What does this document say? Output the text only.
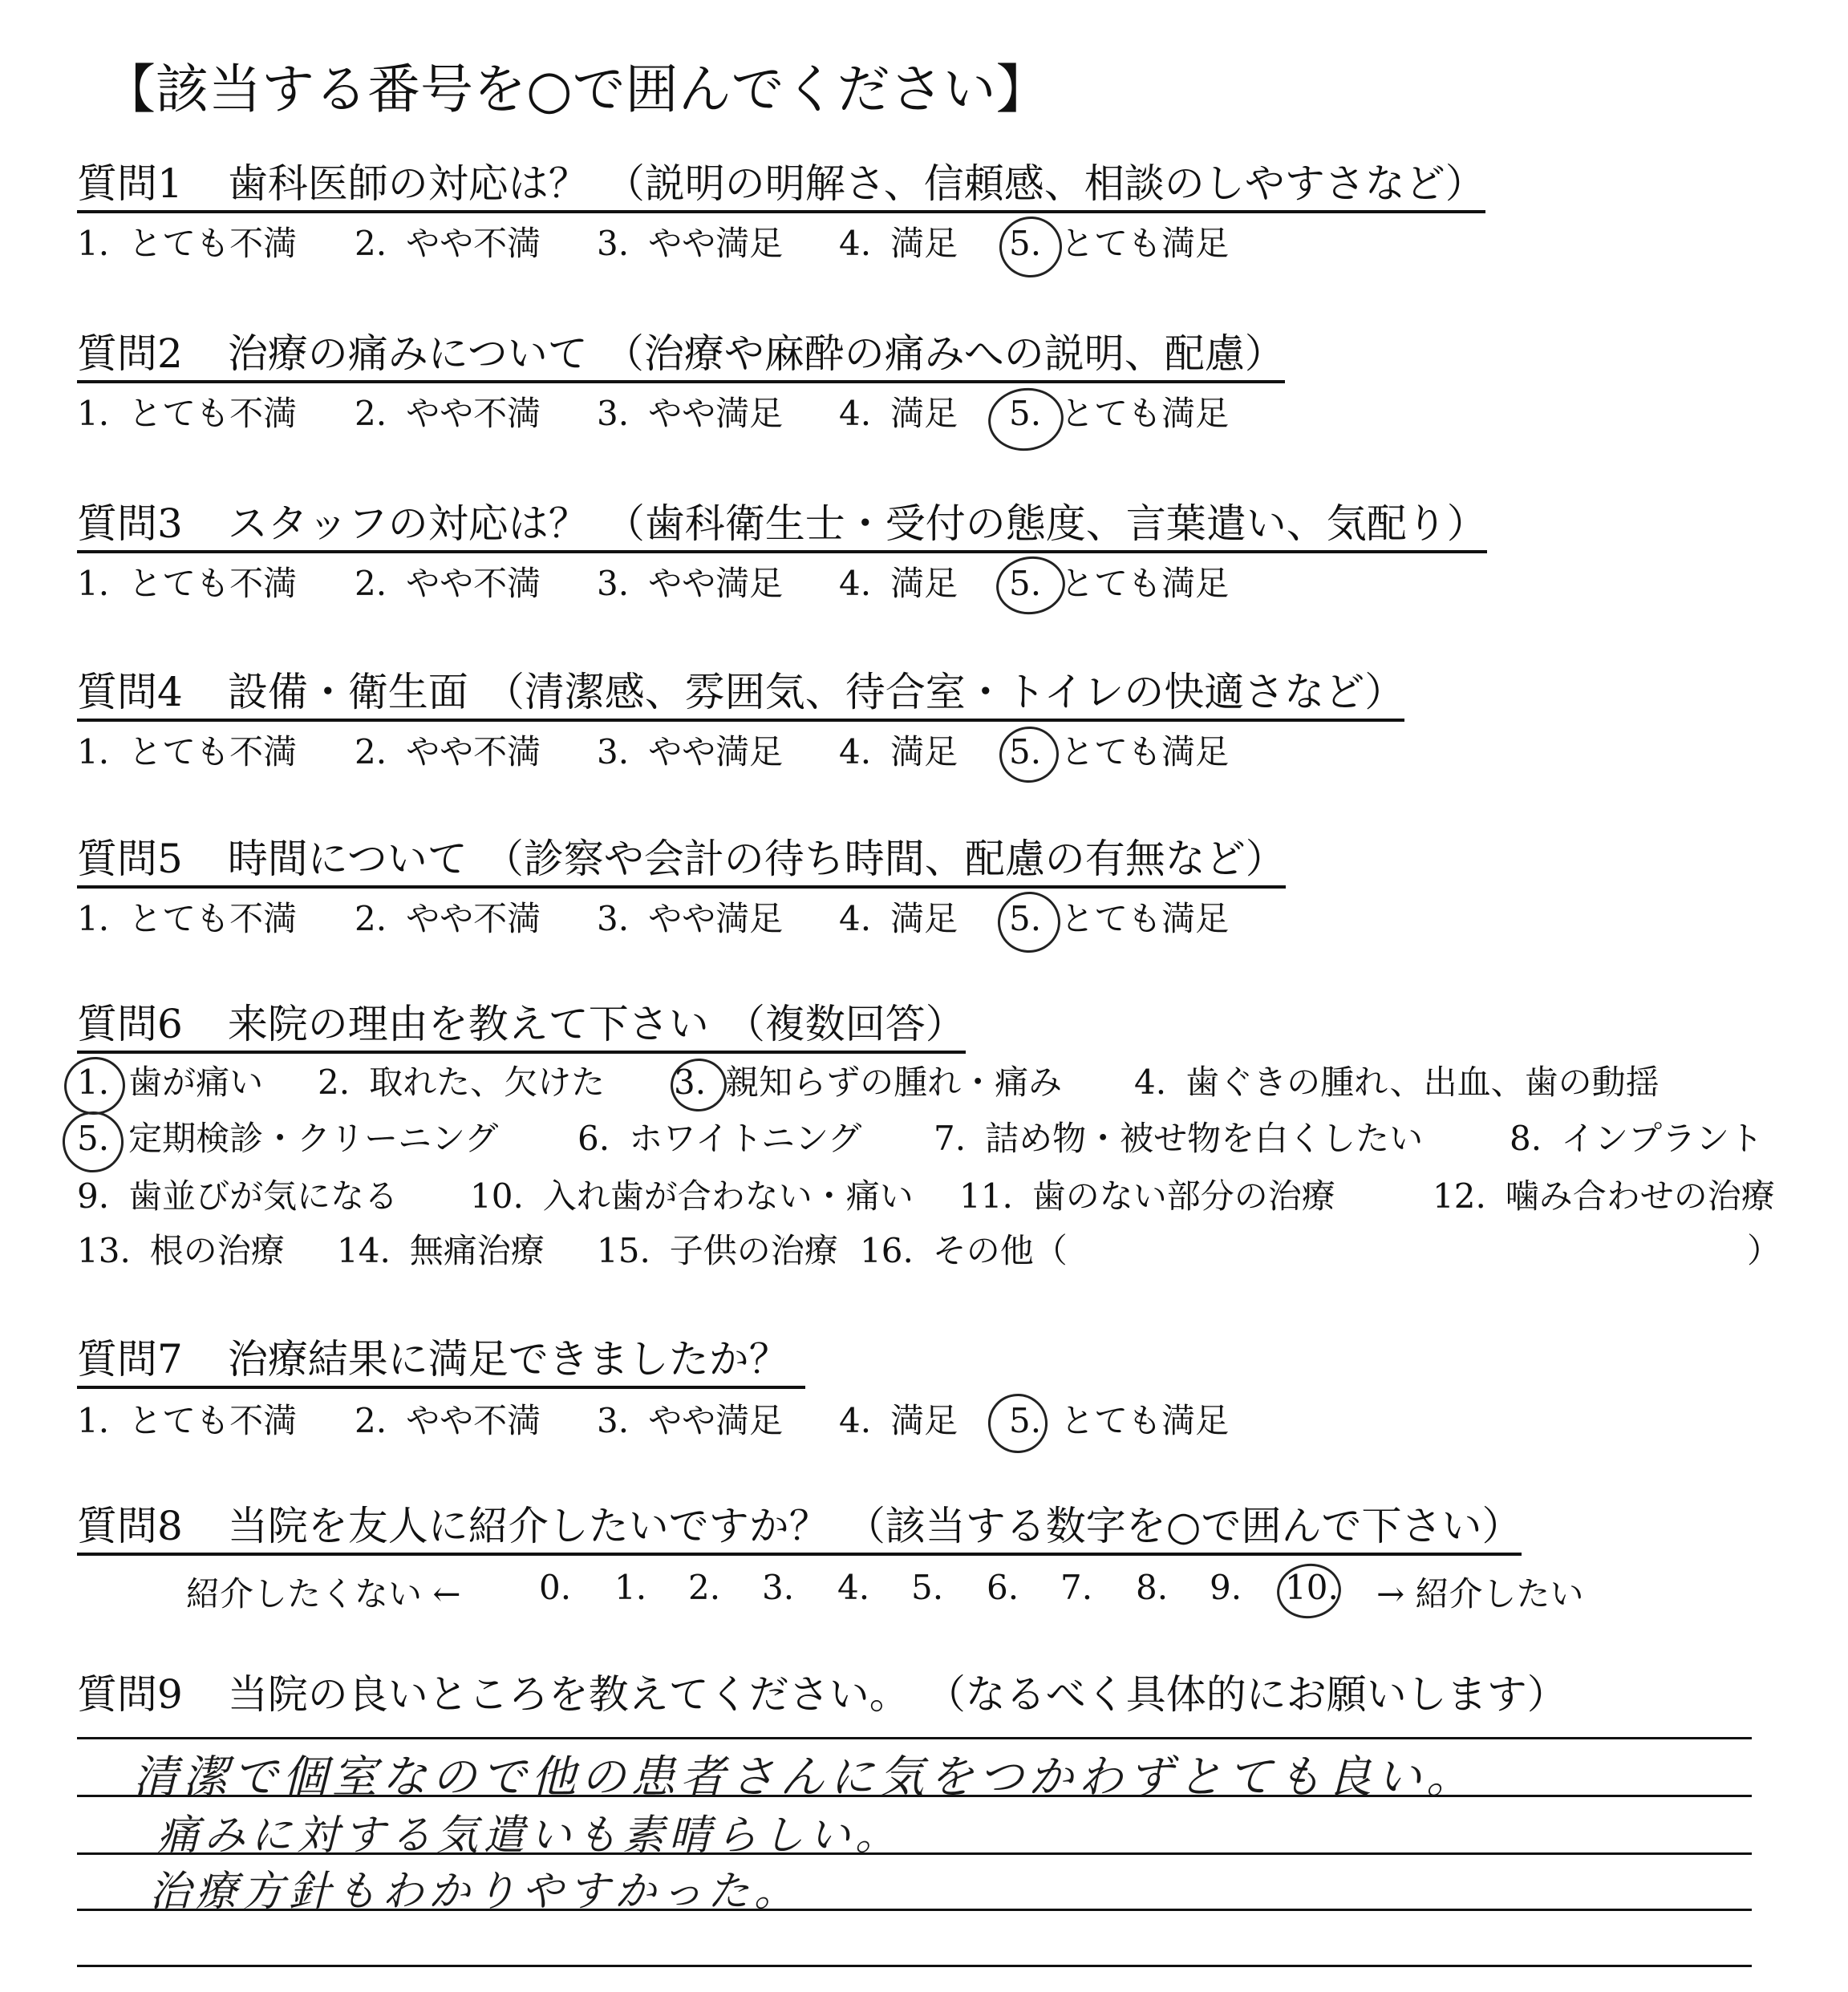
【該当する番号を○で囲んでください】
質問1 歯科医師の対応は？ （説明の明解さ、信頼感、相談のしやすさなど）
1. とても不満 2. やや不満 3. やや満足 4. 満足 5. とても満足
質問2 治療の痛みについて （治療や麻酔の痛みへの説明、配慮）
1. とても不満 2. やや不満 3. やや満足 4. 満足 5. とても満足
質問3 スタッフの対応は？ （歯科衛生士・受付の態度、言葉遣い、気配り）
1. とても不満 2. やや不満 3. やや満足 4. 満足 5. とても満足
質問4 設備・衛生面 （清潔感、雰囲気、待合室・トイレの快適さなど）
1. とても不満 2. やや不満 3. やや満足 4. 満足 5. とても満足
質問5 時間について （診察や会計の待ち時間、配慮の有無など）
1. とても不満 2. やや不満 3. やや満足 4. 満足 5. とても満足
質問6 来院の理由を教えて下さい （複数回答）
1. 歯が痛い 2. 取れた、欠けた 3. 親知らずの腫れ・痛み 4. 歯ぐきの腫れ、出血、歯の動揺
5. 定期検診・クリーニング 6. ホワイトニング 7. 詰め物・被せ物を白くしたい	8. インプラント
9. 歯並びが気になる 10. 入れ歯が合わない・痛い 11. 歯のない部分の治療	12. 噛み合わせの治療
13. 根の治療 14. 無痛治療 15. 子供の治療 16. その他（	）
質問7 治療結果に満足できましたか？
1. とても不満 2. やや不満 3. やや満足 4. 満足 5. とても満足
質問8 当院を友人に紹介したいですか？ （該当する数字を○で囲んで下さい）
紹介したくない ← 0. 1. 2. 3. 4. 5. 6. 7. 8. 9. 10. → 紹介したい
質問9 当院の良いところを教えてください。 （なるべく具体的にお願いします）
清潔で個室なので他の患者さんに気をつかわずとても良い。
痛みに対する気遣いも素晴らしい。
治療方針もわかりやすかった。
